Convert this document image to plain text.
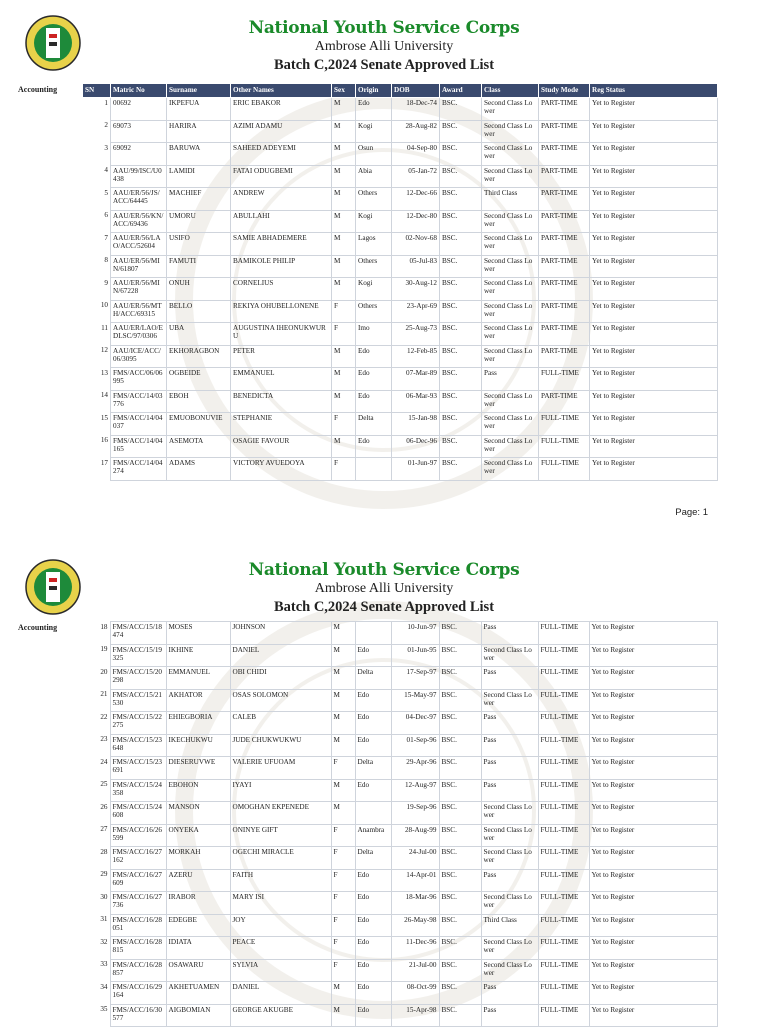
National Youth Service Corps
Ambrose Alli University
Batch C,2024 Senate Approved List
Accounting	SN	Matric No	Surname	Other Names	Sex	Origin	DOB	Award	Class	Study Mode	Reg Status
1	00692	IKPEFUA	ERIC EBAKOR	M	Edo	18-Dec-74	BSC.	Second Class Lower	PART-TIME	Yet to Register
2	69073	HARIRA	AZIMI ADAMU	M	Kogi	28-Aug-82	BSC.	Second Class Lower	PART-TIME	Yet to Register
3	69092	BARUWA	SAHEED ADEYEMI	M	Osun	04-Sep-80	BSC.	Second Class Lower	PART-TIME	Yet to Register
4	AAU/99/ISC/U0438	LAMIDI	FATAI ODUGBEMI	M	Abia	05-Jan-72	BSC.	Second Class Lower	PART-TIME	Yet to Register
5	AAU/ER/56/JS/ACC/64445	MACHIEF	ANDREW	M	Others	12-Dec-66	BSC.	Third Class	PART-TIME	Yet to Register
6	AAU/ER/56/KN/ACC/69436	UMORU	ABULLAHI	M	Kogi	12-Dec-80	BSC.	Second Class Lower	PART-TIME	Yet to Register
7	AAU/ER/56/LAO/ACC/52604	USIFO	SAMIE ABHADEMERE	M	Lagos	02-Nov-68	BSC.	Second Class Lower	PART-TIME	Yet to Register
8	AAU/ER/56/MIN/61807	FAMUTI	BAMIKOLE PHILIP	M	Others	05-Jul-83	BSC.	Second Class Lower	PART-TIME	Yet to Register
9	AAU/ER/56/MIN/67228	ONUH	CORNELIUS	M	Kogi	30-Aug-12	BSC.	Second Class Lower	PART-TIME	Yet to Register
10	AAU/ER/56/MTH/ACC/69315	BELLO	REKIYA OHUBELLONENE	F	Others	23-Apr-69	BSC.	Second Class Lower	PART-TIME	Yet to Register
11	AAU/ER/LAO/EDLSC/97/0306	UBA	AUGUSTINA IHEONUKWURU	F	Imo	25-Aug-73	BSC.	Second Class Lower	PART-TIME	Yet to Register
12	AAU/ICE/ACC/06/3095	EKHORAGBON	PETER	M	Edo	12-Feb-85	BSC.	Second Class Lower	PART-TIME	Yet to Register
13	FMS/ACC/06/06995	OGBEIDE	EMMANUEL	M	Edo	07-Mar-89	BSC.	Pass	FULL-TIME	Yet to Register
14	FMS/ACC/14/03776	EBOH	BENEDICTA	M	Edo	06-Mar-93	BSC.	Second Class Lower	PART-TIME	Yet to Register
15	FMS/ACC/14/04037	EMUOBONUVIE	STEPHANIE	F	Delta	15-Jan-98	BSC.	Second Class Lower	FULL-TIME	Yet to Register
16	FMS/ACC/14/04165	ASEMOTA	OSAGIE FAVOUR	M	Edo	06-Dec-96	BSC.	Second Class Lower	FULL-TIME	Yet to Register
17	FMS/ACC/14/04274	ADAMS	VICTORY AVUEDOYA	F		01-Jun-97	BSC.	Second Class Lower	FULL-TIME	Yet to Register
Page: 1
National Youth Service Corps
Ambrose Alli University
Batch C,2024 Senate Approved List
Accounting	18	FMS/ACC/15/18474	MOSES	JOHNSON	M		10-Jun-97	BSC.	Pass	FULL-TIME	Yet to Register
19	FMS/ACC/15/19325	IKHINE	DANIEL	M	Edo	01-Jun-95	BSC.	Second Class Lower	FULL-TIME	Yet to Register
20	FMS/ACC/15/20298	EMMANUEL	OBI CHIDI	M	Delta	17-Sep-97	BSC.	Pass	FULL-TIME	Yet to Register
21	FMS/ACC/15/21530	AKHATOR	OSAS SOLOMON	M	Edo	15-May-97	BSC.	Second Class Lower	FULL-TIME	Yet to Register
22	FMS/ACC/15/22275	EHIEGBORIA	CALEB	M	Edo	04-Dec-97	BSC.	Pass	FULL-TIME	Yet to Register
23	FMS/ACC/15/23648	IKECHUKWU	JUDE CHUKWUKWU	M	Edo	01-Sep-96	BSC.	Pass	FULL-TIME	Yet to Register
24	FMS/ACC/15/23691	DIESERUVWE	VALERIE UFUOAM	F	Delta	29-Apr-96	BSC.	Pass	FULL-TIME	Yet to Register
25	FMS/ACC/15/24358	EBOHON	IYAYI	M	Edo	12-Aug-97	BSC.	Pass	FULL-TIME	Yet to Register
26	FMS/ACC/15/24608	MANSON	OMOGHAN EKPENEDE	M		19-Sep-96	BSC.	Second Class Lower	FULL-TIME	Yet to Register
27	FMS/ACC/16/26599	ONYEKA	ONINYE GIFT	F	Anambra	28-Aug-99	BSC.	Second Class Lower	FULL-TIME	Yet to Register
28	FMS/ACC/16/27162	MORKAH	OGECHI MIRACLE	F	Delta	24-Jul-00	BSC.	Second Class Lower	FULL-TIME	Yet to Register
29	FMS/ACC/16/27609	AZERU	FAITH	F	Edo	14-Apr-01	BSC.	Pass	FULL-TIME	Yet to Register
30	FMS/ACC/16/27736	IRABOR	MARY ISI	F	Edo	18-Mar-96	BSC.	Second Class Lower	FULL-TIME	Yet to Register
31	FMS/ACC/16/28051	EDEGBE	JOY	F	Edo	26-May-98	BSC.	Third Class	FULL-TIME	Yet to Register
32	FMS/ACC/16/28815	IDIATA	PEACE	F	Edo	11-Dec-96	BSC.	Second Class Lower	FULL-TIME	Yet to Register
33	FMS/ACC/16/28857	OSAWARU	SYLVIA	F	Edo	21-Jul-00	BSC.	Second Class Lower	FULL-TIME	Yet to Register
34	FMS/ACC/16/29164	AKHETUAMEN	DANIEL	M	Edo	08-Oct-99	BSC.	Pass	FULL-TIME	Yet to Register
35	FMS/ACC/16/30577	AIGBOMIAN	GEORGE AKUGBE	M	Edo	15-Apr-98	BSC.	Pass	FULL-TIME	Yet to Register
